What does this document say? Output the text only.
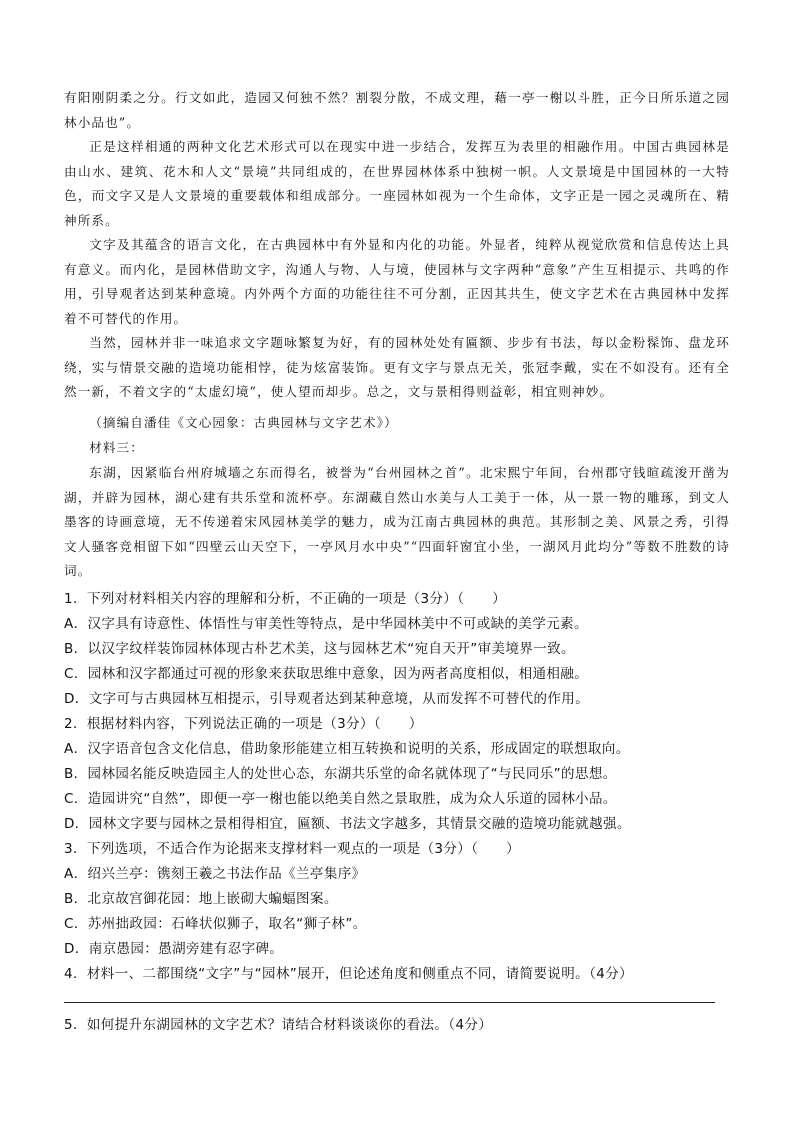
有阳刚阴柔之分。行文如此，造园又何独不然？割裂分散，不成文理，藉一亭一榭以斗胜，正今日所乐道之园林小品也”。

正是这样相通的两种文化艺术形式可以在现实中进一步结合，发挥互为表里的相融作用。中国古典园林是由山水、建筑、花木和人文“景境”共同组成的，在世界园林体系中独树一帜。人文景境是中国园林的一大特色，而文字又是人文景境的重要载体和组成部分。一座园林如视为一个生命体，文字正是一园之灵魂所在、精神所系。

文字及其蕴含的语言文化，在古典园林中有外显和内化的功能。外显者，纯粹从视觉欣赏和信息传达上具有意义。而内化，是园林借助文字，沟通人与物、人与境，使园林与文字两种“意象”产生互相提示、共鸣的作用，引导观者达到某种意境。内外两个方面的功能往往不可分割，正因其共生，使文字艺术在古典园林中发挥着不可替代的作用。

当然，园林并非一味追求文字题咏繁复为好，有的园林处处有匾额、步步有书法，每以金粉髹饰、盘龙环绕，实与情景交融的造境功能相悖，徒为炫富装饰。更有文字与景点无关，张冠李戴，实在不如没有。还有全然一新，不着文字的“太虚幻境”，使人望而却步。总之，文与景相得则益彰，相宜则神妙。

（摘编自潘佳《文心园象：古典园林与文字艺术》）

材料三：

东湖，因紧临台州府城墙之东而得名，被誉为“台州园林之首”。北宋熙宁年间，台州郡守钱暄疏浚开凿为湖，并辟为园林，湖心建有共乐堂和流杯亭。东湖藏自然山水美与人工美于一体，从一景一物的雕琢，到文人墨客的诗画意境，无不传递着宋风园林美学的魅力，成为江南古典园林的典范。其形制之美、风景之秀，引得文人骚客竞相留下如“四壁云山天空下，一亭风月水中央”“四面轩窗宜小坐，一湖风月此均分”等数不胜数的诗词。

1．下列对材料相关内容的理解和分析，不正确的一项是（3分）（　　）

A．汉字具有诗意性、体悟性与审美性等特点，是中华园林美中不可或缺的美学元素。

B．以汉字纹样装饰园林体现古朴艺术美，这与园林艺术“宛自天开”审美境界一致。

C．园林和汉字都通过可视的形象来获取思维中意象，因为两者高度相似，相通相融。

D．文字可与古典园林互相提示，引导观者达到某种意境，从而发挥不可替代的作用。

2．根据材料内容，下列说法正确的一项是（3分）（　　）

A．汉字语音包含文化信息，借助象形能建立相互转换和说明的关系，形成固定的联想取向。

B．园林园名能反映造园主人的处世心态，东湖共乐堂的命名就体现了“与民同乐”的思想。

C．造园讲究“自然”，即便一亭一榭也能以绝美自然之景取胜，成为众人乐道的园林小品。

D．园林文字要与园林之景相得相宜，匾额、书法文字越多，其情景交融的造境功能就越强。

3．下列选项，不适合作为论据来支撑材料一观点的一项是（3分）（　　）

A．绍兴兰亭：镌刻王羲之书法作品《兰亭集序》

B．北京故宫御花园：地上嵌砌大蝙蝠图案。

C．苏州拙政园：石峰状似狮子，取名“狮子林”。

D．南京愚园：愚湖旁建有忍字碑。

4．材料一、二都围绕“文字”与“园林”展开，但论述角度和侧重点不同，请简要说明。（4分）

5．如何提升东湖园林的文字艺术？请结合材料谈谈你的看法。（4分）
